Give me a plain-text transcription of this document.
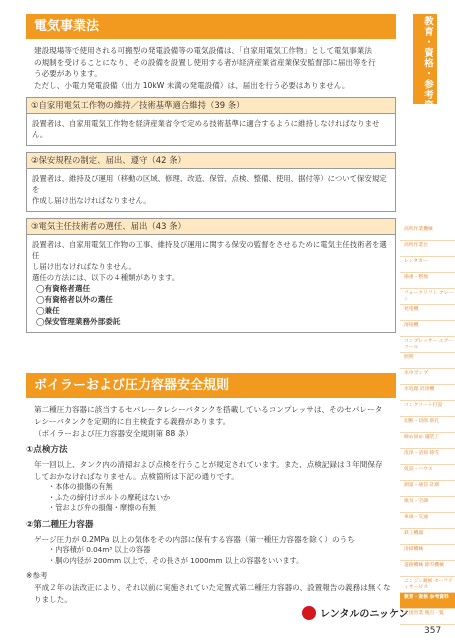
電気事業法

建設現場等で使用される可搬型の発電設備等の電気設備は、「自家用電気工作物」として電気事業法

の規制を受けることになり、その設備を設置し使用する者が経済産業省産業保安監督部に届出等を行

う必要があります。

ただし、小電力発電設備（出力 10kW 未満の発電設備）は、届出を行う必要はありません。

①自家用電気工作物の維持／技術基準適合維持（39 条）
設置者は、自家用電気工作物を経済産業省令で定める技術基準に適合するように維持しなければなりません。
②保安規程の制定、届出、遵守（42 条）
設置者は、維持及び運用（移動の区域、修理、改造、保管、点検、整備、使用、据付等）について保安規定を
作成し届け出なければなりません。
③電気主任技術者の選任、届出（43 条）
設置者は、自家用電気工作物の工事、維持及び運用に関する保安の監督をさせるために電気主任技術者を選任
し届け出なければなりません。
選任の方法には、以下の４種類があります。
◯有資格者選任
◯有資格者以外の選任
◯兼任
◯保安管理業務外部委託
ボイラーおよび圧力容器安全規則

第二種圧力容器に該当するセパレータレシーバタンクを搭載しているコンプレッサは、そのセパレータ

レシーバタンクを定期的に自主検査する義務があります。

（ボイラーおよび圧力容器安全規則第 88 条）

①点検方法

年一回以上、タンク内の清掃および点検を行うことが規定されています。また、点検記録は３年間保存

しておかなければなりません。点検箇所は下記の通りです。

・本体の損傷の有無
・ふたの締付けボルトの摩耗はないか
・管および弁の損傷・摩擦の有無
②第二種圧力容器

ゲージ圧力が 0.2MPa 以上の気体をその内部に保有する容器（第一種圧力容器を除く）のうち

・内容積が 0.04m³ 以上の容器
・胴の内径が 200mm 以上で、その長さが 1000mm 以上の容器をいいます。

※参考

平成２年の法改正により、それ以前に実施されていた定置式第二種圧力容器の、設置報告の義務は無くなりました。

教育・資格・参考資料
高所作業機械
高所作業台
レンタカー
揚重・整地
フォークリフト クレーン
発電機
溶接機
コンプレッサー エアーツール
照明
水中ポンプ
水処理 消浄機
コンクリート打設
切断・切削 削孔
締め固め 舗装工
洗浄・清掃 除雪
仮設・ハウス
測量・通信 計測
換気・空調
車両・交通
鉄工機器
清掃機械
道路機械 除雪機械
ニンジン耐候 セーフティサービス
教育・資格 参考資料
全国営業 拠点一覧
レンタルのニッケン
357
